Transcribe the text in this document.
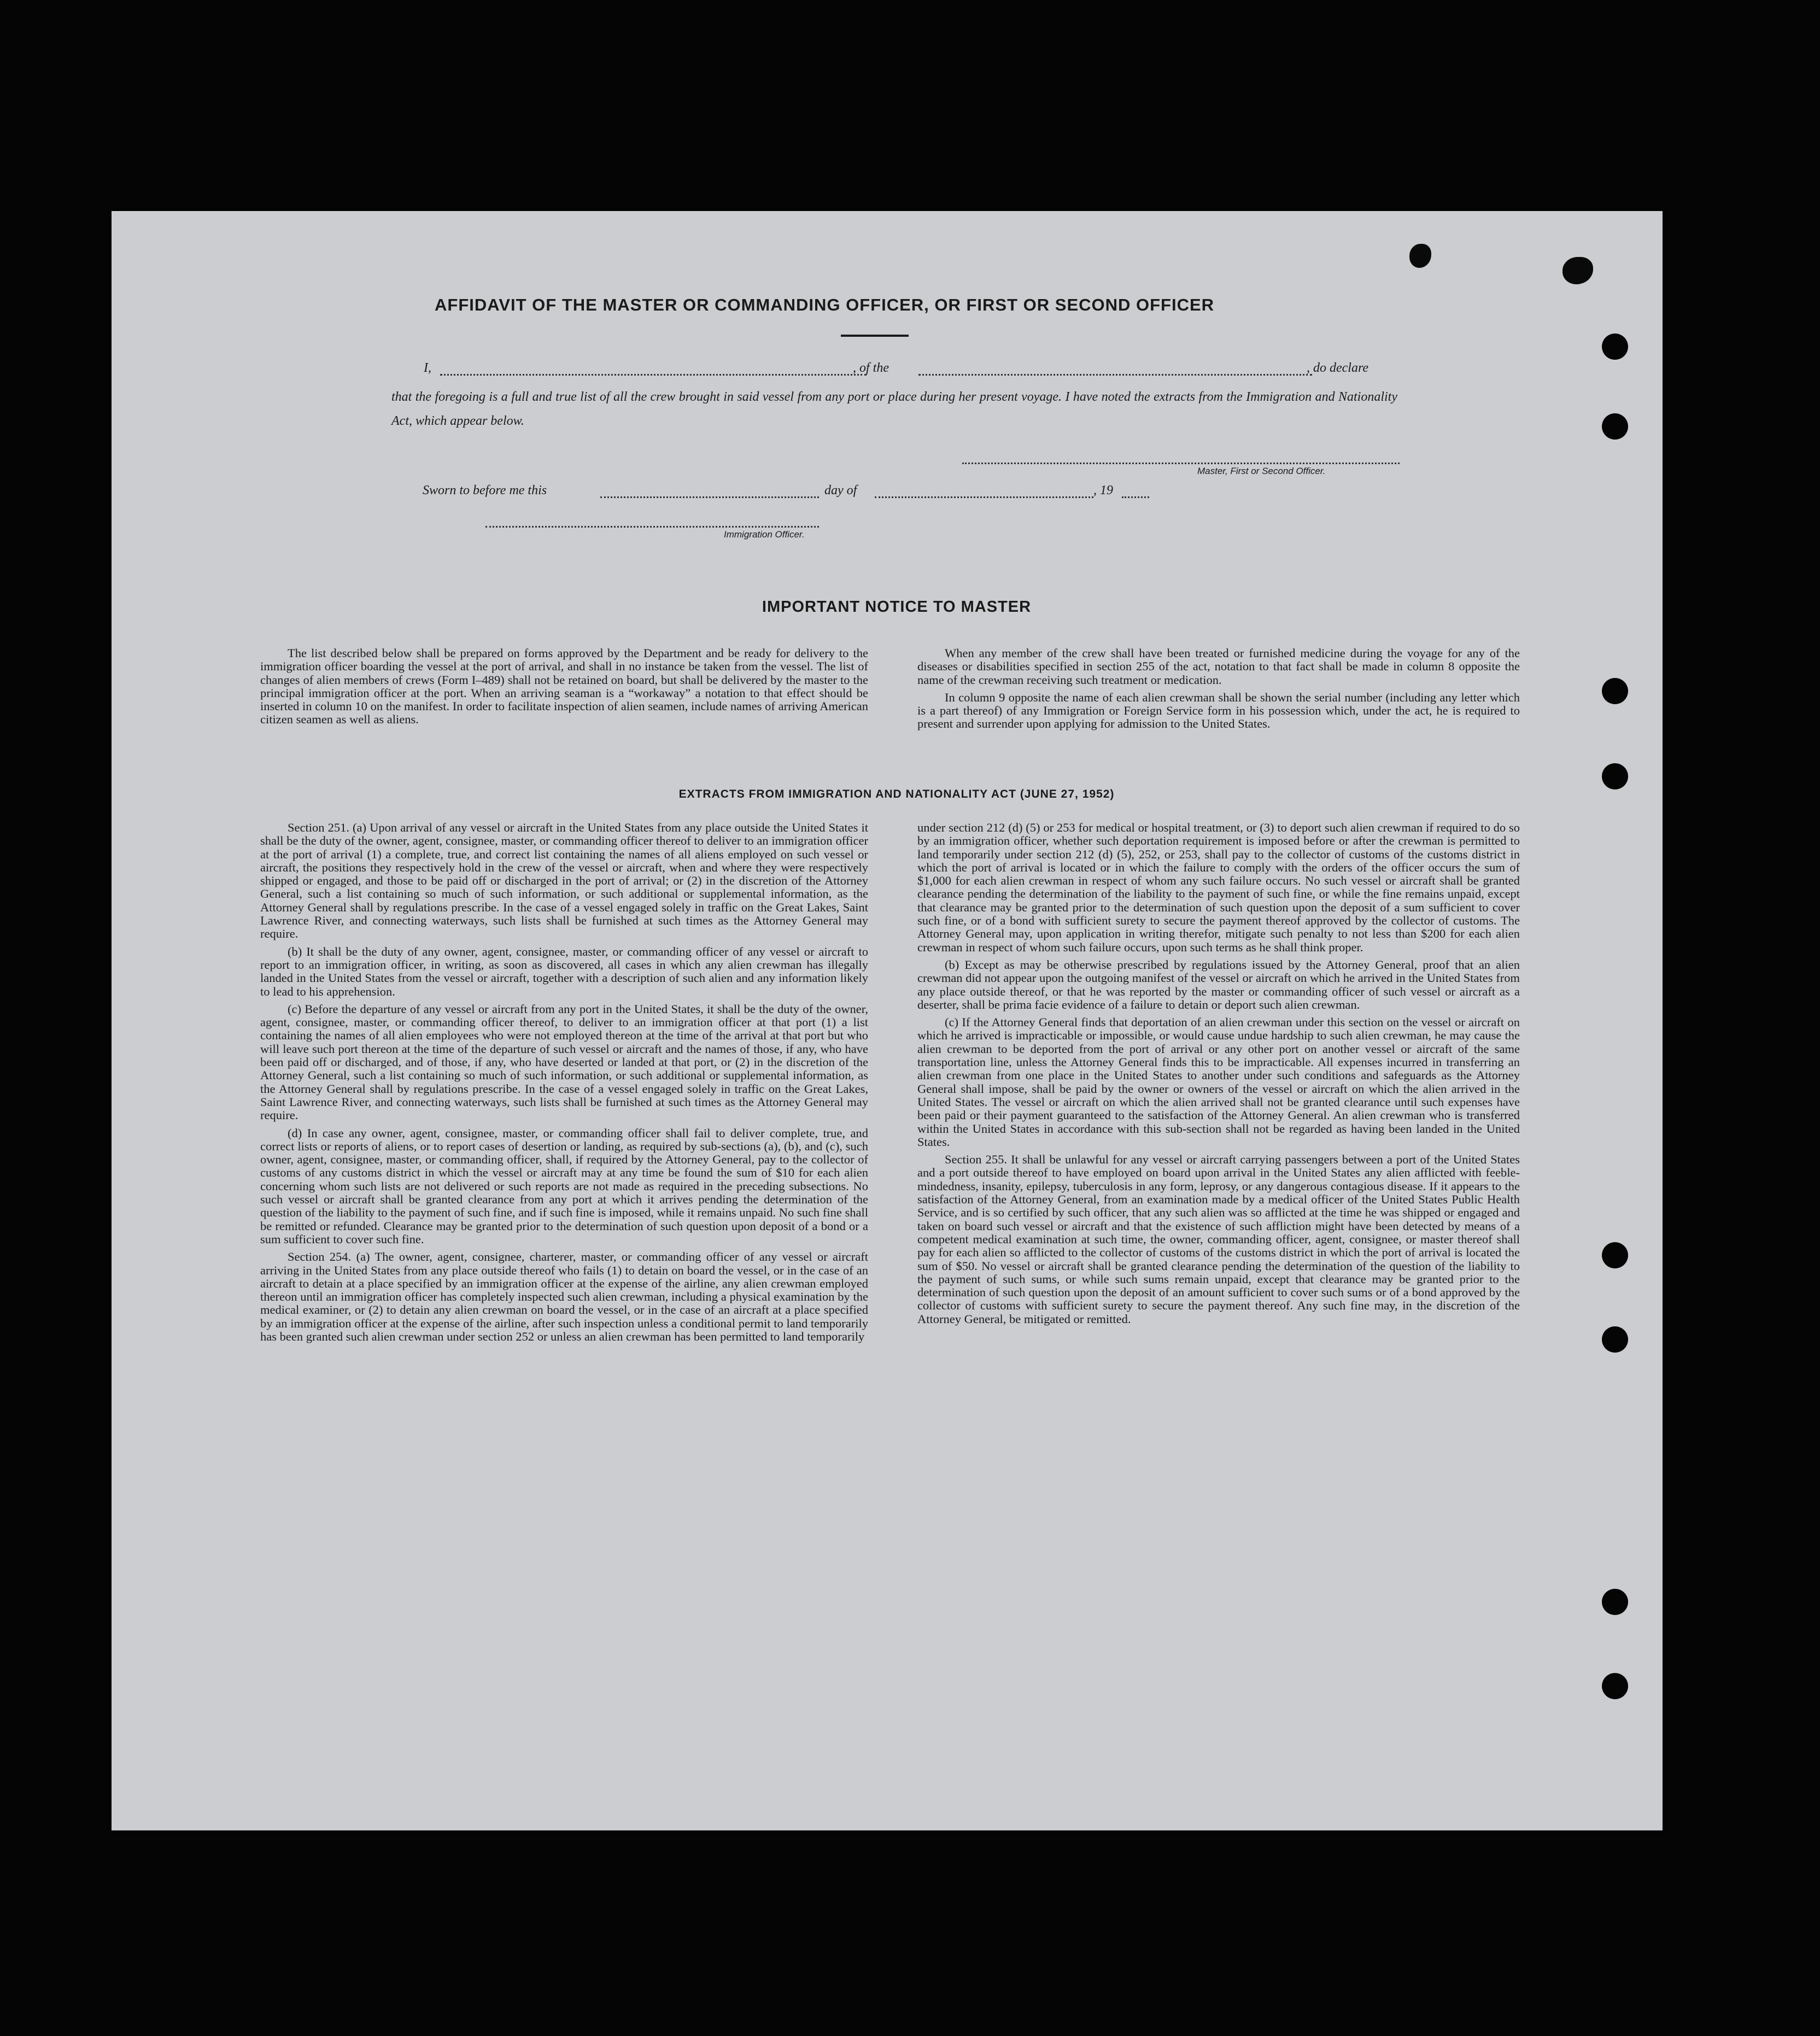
AFFIDAVIT OF THE MASTER OR COMMANDING OFFICER, OR FIRST OR SECOND OFFICER
I,	, of the	, do declare
that the foregoing is a full and true list of all the crew brought in said vessel from any port or place during her present voyage. I have noted the extracts from the Immigration and Nationality Act, which appear below.
Master, First or Second Officer.
Sworn to before me this	day of	, 19
Immigration Officer.
IMPORTANT NOTICE TO MASTER

The list described below shall be prepared on forms approved by the Department and be ready for delivery to the immigration officer boarding the vessel at the port of arrival, and shall in no instance be taken from the vessel. The list of changes of alien members of crews (Form I–489) shall not be retained on board, but shall be delivered by the master to the principal immigration officer at the port. When an arriving seaman is a “workaway” a notation to that effect should be inserted in column 10 on the manifest. In order to facilitate inspection of alien seamen, include names of arriving American citizen seamen as well as aliens.

When any member of the crew shall have been treated or furnished medicine during the voyage for any of the diseases or disabilities specified in section 255 of the act, notation to that fact shall be made in column 8 opposite the name of the crewman receiving such treatment or medication.

In column 9 opposite the name of each alien crewman shall be shown the serial number (including any letter which is a part thereof) of any Immigration or Foreign Service form in his possession which, under the act, he is required to present and surrender upon applying for admission to the United States.

EXTRACTS FROM IMMIGRATION AND NATIONALITY ACT (JUNE 27, 1952)

Section 251. (a) Upon arrival of any vessel or aircraft in the United States from any place outside the United States it shall be the duty of the owner, agent, consignee, master, or commanding officer thereof to deliver to an immigration officer at the port of arrival (1) a complete, true, and correct list containing the names of all aliens employed on such vessel or aircraft, the positions they respectively hold in the crew of the vessel or aircraft, when and where they were respectively shipped or engaged, and those to be paid off or discharged in the port of arrival; or (2) in the discretion of the Attorney General, such a list containing so much of such information, or such additional or supplemental information, as the Attorney General shall by regulations prescribe. In the case of a vessel engaged solely in traffic on the Great Lakes, Saint Lawrence River, and connecting waterways, such lists shall be furnished at such times as the Attorney General may require.

(b) It shall be the duty of any owner, agent, consignee, master, or commanding officer of any vessel or aircraft to report to an immigration officer, in writing, as soon as discovered, all cases in which any alien crewman has illegally landed in the United States from the vessel or aircraft, together with a description of such alien and any information likely to lead to his apprehension.

(c) Before the departure of any vessel or aircraft from any port in the United States, it shall be the duty of the owner, agent, consignee, master, or commanding officer thereof, to deliver to an immigration officer at that port (1) a list containing the names of all alien employees who were not employed thereon at the time of the arrival at that port but who will leave such port thereon at the time of the departure of such vessel or aircraft and the names of those, if any, who have been paid off or discharged, and of those, if any, who have deserted or landed at that port, or (2) in the discretion of the Attorney General, such a list containing so much of such information, or such additional or supplemental information, as the Attorney General shall by regulations prescribe. In the case of a vessel engaged solely in traffic on the Great Lakes, Saint Lawrence River, and connecting waterways, such lists shall be furnished at such times as the Attorney General may require.

(d) In case any owner, agent, consignee, master, or commanding officer shall fail to deliver complete, true, and correct lists or reports of aliens, or to report cases of desertion or landing, as required by sub-sections (a), (b), and (c), such owner, agent, consignee, master, or commanding officer, shall, if required by the Attorney General, pay to the collector of customs of any customs district in which the vessel or aircraft may at any time be found the sum of $10 for each alien concerning whom such lists are not delivered or such reports are not made as required in the preceding subsections. No such vessel or aircraft shall be granted clearance from any port at which it arrives pending the determination of the question of the liability to the payment of such fine, and if such fine is imposed, while it remains unpaid. No such fine shall be remitted or refunded. Clearance may be granted prior to the determination of such question upon deposit of a bond or a sum sufficient to cover such fine.

Section 254. (a) The owner, agent, consignee, charterer, master, or commanding officer of any vessel or aircraft arriving in the United States from any place outside thereof who fails (1) to detain on board the vessel, or in the case of an aircraft to detain at a place specified by an immigration officer at the expense of the airline, any alien crewman employed thereon until an immigration officer has completely inspected such alien crewman, including a physical examination by the medical examiner, or (2) to detain any alien crewman on board the vessel, or in the case of an aircraft at a place specified by an immigration officer at the expense of the airline, after such inspection unless a conditional permit to land temporarily has been granted such alien crewman under section 252 or unless an alien crewman has been permitted to land temporarily

under section 212 (d) (5) or 253 for medical or hospital treatment, or (3) to deport such alien crewman if required to do so by an immigration officer, whether such deportation requirement is imposed before or after the crewman is permitted to land temporarily under section 212 (d) (5), 252, or 253, shall pay to the collector of customs of the customs district in which the port of arrival is located or in which the failure to comply with the orders of the officer occurs the sum of $1,000 for each alien crewman in respect of whom any such failure occurs. No such vessel or aircraft shall be granted clearance pending the determination of the liability to the payment of such fine, or while the fine remains unpaid, except that clearance may be granted prior to the determination of such question upon the deposit of a sum sufficient to cover such fine, or of a bond with sufficient surety to secure the payment thereof approved by the collector of customs. The Attorney General may, upon application in writing therefor, mitigate such penalty to not less than $200 for each alien crewman in respect of whom such failure occurs, upon such terms as he shall think proper.

(b) Except as may be otherwise prescribed by regulations issued by the Attorney General, proof that an alien crewman did not appear upon the outgoing manifest of the vessel or aircraft on which he arrived in the United States from any place outside thereof, or that he was reported by the master or commanding officer of such vessel or aircraft as a deserter, shall be prima facie evidence of a failure to detain or deport such alien crewman.

(c) If the Attorney General finds that deportation of an alien crewman under this section on the vessel or aircraft on which he arrived is impracticable or impossible, or would cause undue hardship to such alien crewman, he may cause the alien crewman to be deported from the port of arrival or any other port on another vessel or aircraft of the same transportation line, unless the Attorney General finds this to be impracticable. All expenses incurred in transferring an alien crewman from one place in the United States to another under such conditions and safeguards as the Attorney General shall impose, shall be paid by the owner or owners of the vessel or aircraft on which the alien arrived in the United States. The vessel or aircraft on which the alien arrived shall not be granted clearance until such expenses have been paid or their payment guaranteed to the satisfaction of the Attorney General. An alien crewman who is transferred within the United States in accordance with this sub-section shall not be regarded as having been landed in the United States.

Section 255. It shall be unlawful for any vessel or aircraft carrying passengers between a port of the United States and a port outside thereof to have employed on board upon arrival in the United States any alien afflicted with feeble-mindedness, insanity, epilepsy, tuberculosis in any form, leprosy, or any dangerous contagious disease. If it appears to the satisfaction of the Attorney General, from an examination made by a medical officer of the United States Public Health Service, and is so certified by such officer, that any such alien was so afflicted at the time he was shipped or engaged and taken on board such vessel or aircraft and that the existence of such affliction might have been detected by means of a competent medical examination at such time, the owner, commanding officer, agent, consignee, or master thereof shall pay for each alien so afflicted to the collector of customs of the customs district in which the port of arrival is located the sum of $50. No vessel or aircraft shall be granted clearance pending the determination of the question of the liability to the payment of such sums, or while such sums remain unpaid, except that clearance may be granted prior to the determination of such question upon the deposit of an amount sufficient to cover such sums or of a bond approved by the collector of customs with sufficient surety to secure the payment thereof. Any such fine may, in the discretion of the Attorney General, be mitigated or remitted.
